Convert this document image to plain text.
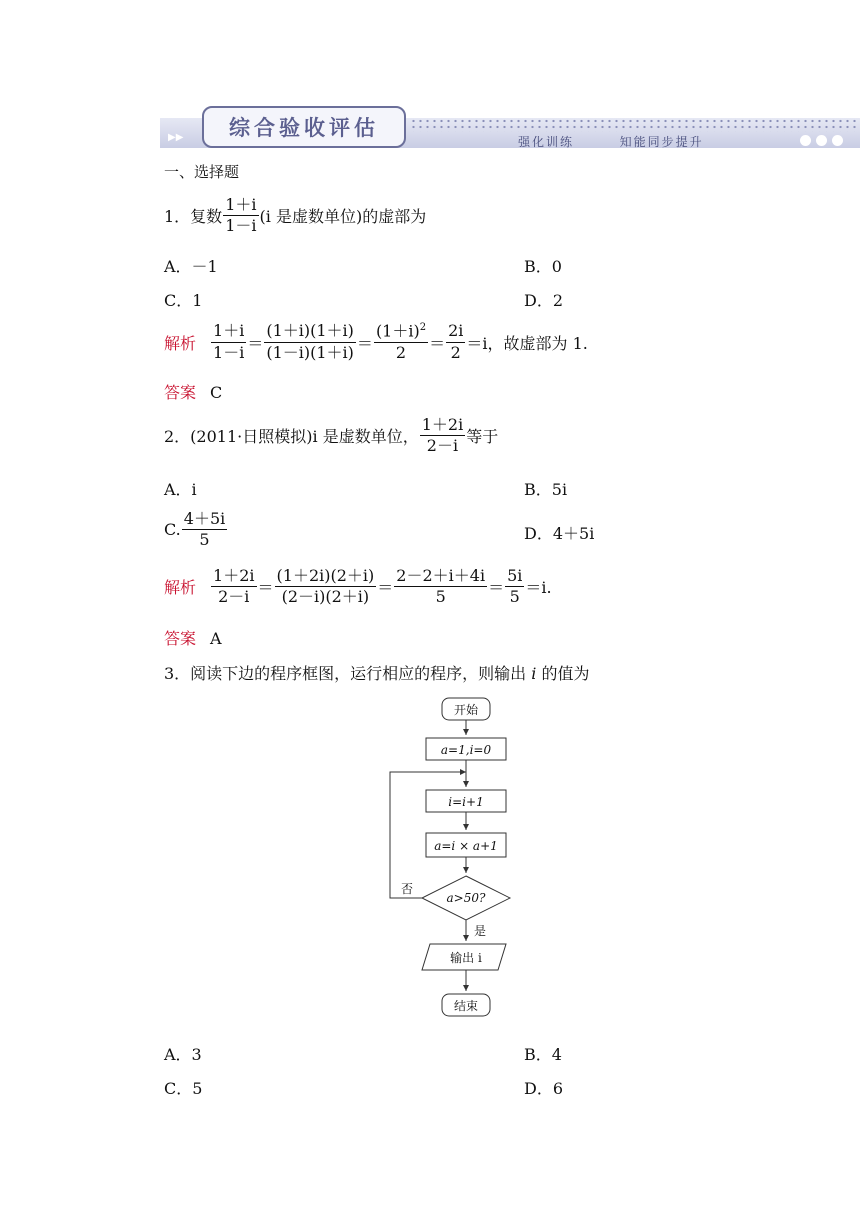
▶▶	综合验收评估
强化训练	知能同步提升
一、选择题
1．复数 $\frac{1+i}{1-i} (i$ 是虚数单位)的虚部为
A．－1	B．0
C．1	D．2
解析 $\frac{1+i}{1-i} = \frac{(1+i)(1+i)}{(1-i)(1+i)} = \frac{(1+i)^2}{2} = \frac{2i}{2} =i$，故虚部为 1.
答案 C
2．(2011· 日照模拟 )i 是虚数单位， $\frac{1+2i}{2-i}$ 等于
A．i	B．5i
C. $\frac{4+5i}{5}$	D．4＋5i
解析 $\frac{1+2i}{2-i} = \frac{(1+2i)(2+i)}{(2-i)(2+i)} = \frac{2-2+i+4i}{5} = \frac{5i}{5} =i$.
答案 A
3．阅读下边的程序框图，运行相应的程序，则输出 i 的值为
开始
a=1,i=0
i=i+1
a=i × a+1
a>50?
否
是
输出 i
结束
A．3	B．4
C．5	D．6
